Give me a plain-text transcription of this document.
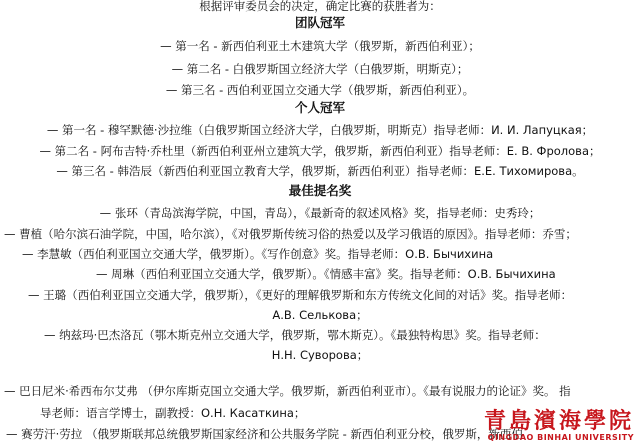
根据评审委员会的决定，确定比赛的获胜者为：
团队冠军
— 第一名 - 新西伯利亚土木建筑大学（俄罗斯，新西伯利亚）；
— 第二名 - 白俄罗斯国立经济大学（白俄罗斯，明斯克）；
— 第三名 - 西伯利亚国立交通大学（俄罗斯，新西伯利亚）。
个人冠军
— 第一名 - 穆罕默德·沙拉维（白俄罗斯国立经济大学，白俄罗斯，明斯克）指导老师：И. И. Лапуцкая；
— 第二名 - 阿布吉特·乔杜里（新西伯利亚州立建筑大学，俄罗斯，新西伯利亚）指导老师：Е. В. Фролова；
— 第三名 - 韩浩辰（新西伯利亚国立教育大学，俄罗斯，新西伯利亚）指导老师：Е.Е. Тихомирова。
最佳提名奖
— 张环（青岛滨海学院，中国，青岛），《最新奇的叙述风格》奖，指导老师：史秀玲；
— 曹植（哈尔滨石油学院，中国，哈尔滨），《对俄罗斯传统习俗的热爱以及学习俄语的原因》。指导老师：乔雪；
— 李慧敏（西伯利亚国立交通大学，俄罗斯）。《写作创意》奖。指导老师：О.В. Бычихина
— 周琳（西伯利亚国立交通大学，俄罗斯）。《情感丰富》奖。指导老师：О.В. Бычихина
— 王璐（西伯利亚国立交通大学，俄罗斯），《更好的理解俄罗斯和东方传统文化间的对话》奖。指导老师：
А.В. Селькова；
— 纳兹玛·巴杰洛瓦（鄂木斯克州立交通大学，俄罗斯，鄂木斯克）。《最独特构思》奖。指导老师：
Н.Н. Суворова；
— 巴日尼米·希西布尔艾弗 （伊尔库斯克国立交通大学。俄罗斯，新西伯利亚市）。《最有说服力的论证》奖。 指
导老师：语言学博士，副教授：О.Н. Касаткина；
— 赛劳汗·劳拉 （俄罗斯联邦总统俄罗斯国家经济和公共服务学院 - 新西伯利亚分校，俄罗斯，新西伯
青島濱海學院
QINGDAO BINHAI UNIVERSITY
